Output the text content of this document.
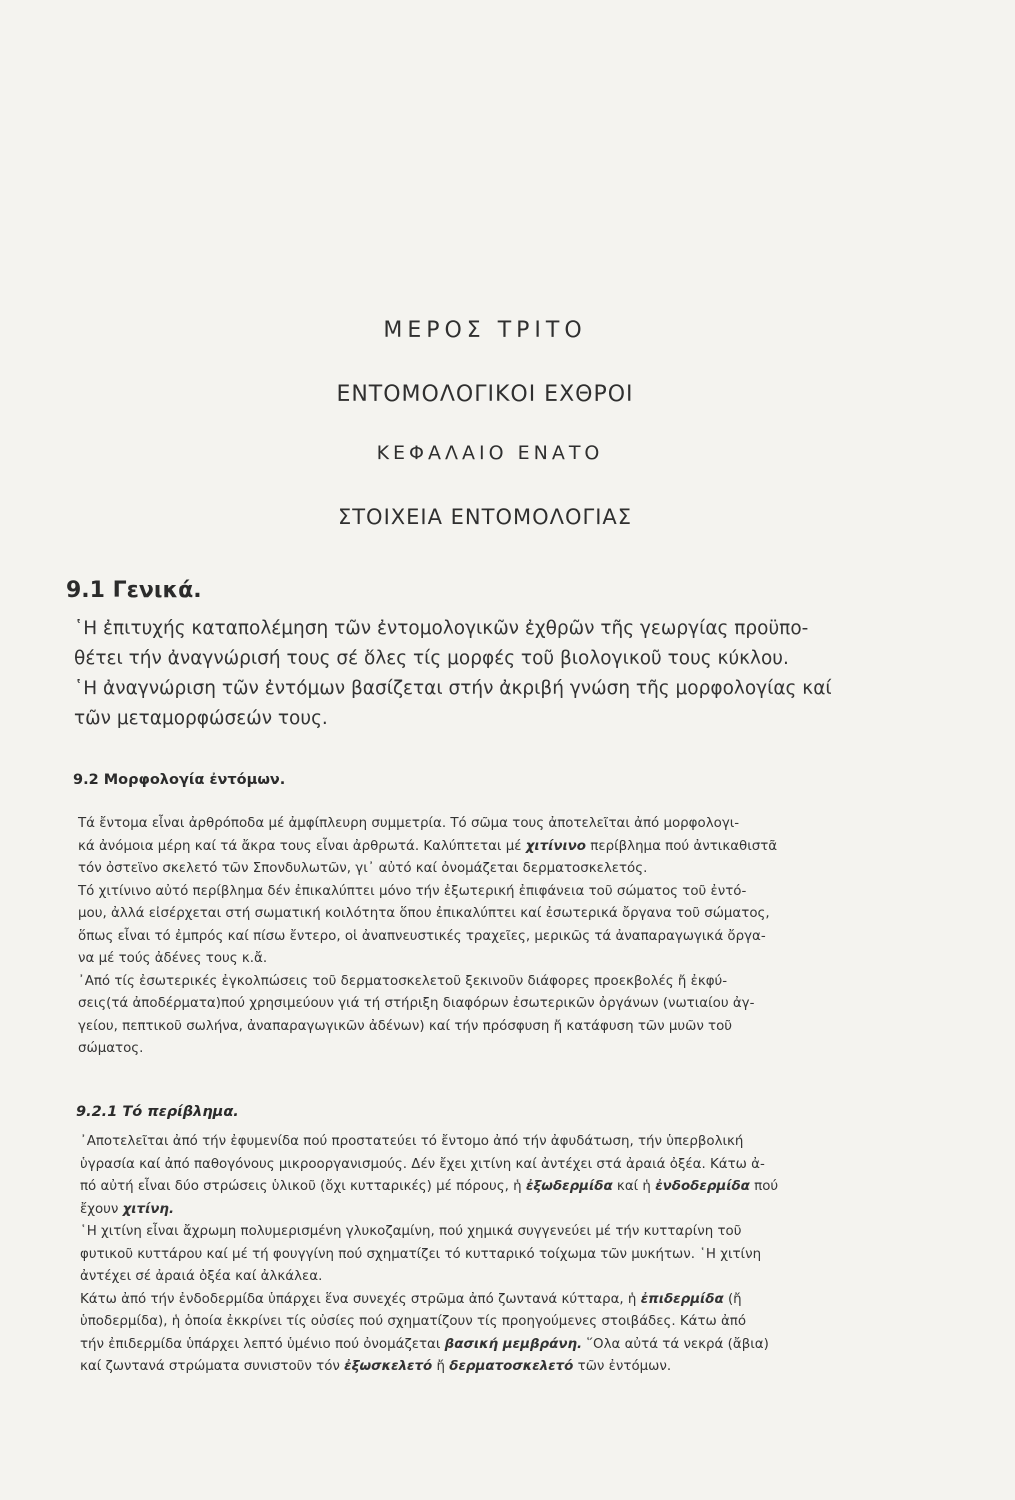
ΜΕΡΟΣ ΤΡΙΤΟ
ΕΝΤΟΜΟΛΟΓΙΚΟΙ ΕΧΘΡΟΙ
ΚΕΦΑΛΑΙΟ ΕΝΑΤΟ
ΣΤΟΙΧΕΙΑ ΕΝΤΟΜΟΛΟΓΙΑΣ
9.1 Γενικά.
῾Η ἐπιτυχής καταπολέμηση τῶν ἐντομολογικῶν ἐχθρῶν τῆς γεωργίας προϋπο-
θέτει τήν ἀναγνώρισή τους σέ ὅλες τίς μορφές τοῦ βιολογικοῦ τους κύκλου.
῾Η ἀναγνώριση τῶν ἐντόμων βασίζεται στήν ἀκριβή γνώση τῆς μορφολογίας καί
τῶν μεταμορφώσεών τους.
9.2 Μορφολογία ἐντόμων.
Τά ἔντομα εἶναι ἀρθρόποδα μέ ἀμφίπλευρη συμμετρία. Τό σῶμα τους ἀποτελεῖται ἀπό μορφολογι-
κά ἀνόμοια μέρη καί τά ἄκρα τους εἶναι ἀρθρωτά. Καλύπτεται μέ χιτίνινο περίβλημα πού ἀντικαθιστᾶ
τόν ὀστεϊνο σκελετό τῶν Σπονδυλωτῶν, γι᾽ αὐτό καί ὀνομάζεται δερματοσκελετός.
Τό χιτίνινο αὐτό περίβλημα δέν ἐπικαλύπτει μόνο τήν ἐξωτερική ἐπιφάνεια τοῦ σώματος τοῦ ἐντό-
μου, ἀλλά εἰσέρχεται στή σωματική κοιλότητα ὅπου ἐπικαλύπτει καί ἐσωτερικά ὄργανα τοῦ σώματος,
ὅπως εἶναι τό ἐμπρός καί πίσω ἔντερο, οἱ ἀναπνευστικές τραχεῖες, μερικῶς τά ἀναπαραγωγικά ὄργα-
να μέ τούς ἀδένες τους κ.ἄ.
᾽Από τίς ἐσωτερικές ἐγκολπώσεις τοῦ δερματοσκελετοῦ ξεκινοῦν διάφορες προεκβολές ἤ ἐκφύ-
σεις(τά ἀποδέρματα)πού χρησιμεύουν γιά τή στήριξη διαφόρων ἐσωτερικῶν ὀργάνων (νωτιαίου ἀγ-
γείου, πεπτικοῦ σωλήνα, ἀναπαραγωγικῶν ἀδένων) καί τήν πρόσφυση ἤ κατάφυση τῶν μυῶν τοῦ
σώματος.
9.2.1 Τό περίβλημα.
᾽Αποτελεῖται ἀπό τήν ἐφυμενίδα πού προστατεύει τό ἔντομο ἀπό τήν ἀφυδάτωση, τήν ὑπερβολική
ὑγρασία καί ἀπό παθογόνους μικροοργανισμούς. Δέν ἔχει χιτίνη καί ἀντέχει στά ἀραιά ὀξέα. Κάτω ἀ-
πό αὐτή εἶναι δύο στρώσεις ὑλικοῦ (ὄχι κυτταρικές) μέ πόρους, ἡ ἐξωδερμίδα καί ἡ ἐνδοδερμίδα πού
ἔχουν χιτίνη.
῾Η χιτίνη εἶναι ἄχρωμη πολυμερισμένη γλυκοζαμίνη, πού χημικά συγγενεύει μέ τήν κυτταρίνη τοῦ
φυτικοῦ κυττάρου καί μέ τή φουγγίνη πού σχηματίζει τό κυτταρικό τοίχωμα τῶν μυκήτων. ῾Η χιτίνη
ἀντέχει σέ ἀραιά ὀξέα καί ἀλκάλεα.
Κάτω ἀπό τήν ἐνδοδερμίδα ὑπάρχει ἕνα συνεχές στρῶμα ἀπό ζωντανά κύτταρα, ἡ ἐπιδερμίδα (ἤ
ὑποδερμίδα), ἡ ὁποία ἐκκρίνει τίς οὐσίες πού σχηματίζουν τίς προηγούμενες στοιβάδες. Κάτω ἀπό
τήν ἐπιδερμίδα ὑπάρχει λεπτό ὑμένιο πού ὀνομάζεται βασική μεμβράνη. ῞Ολα αὐτά τά νεκρά (ἄβια)
καί ζωντανά στρώματα συνιστοῦν τόν ἐξωσκελετό ἤ δερματοσκελετό τῶν ἐντόμων.
